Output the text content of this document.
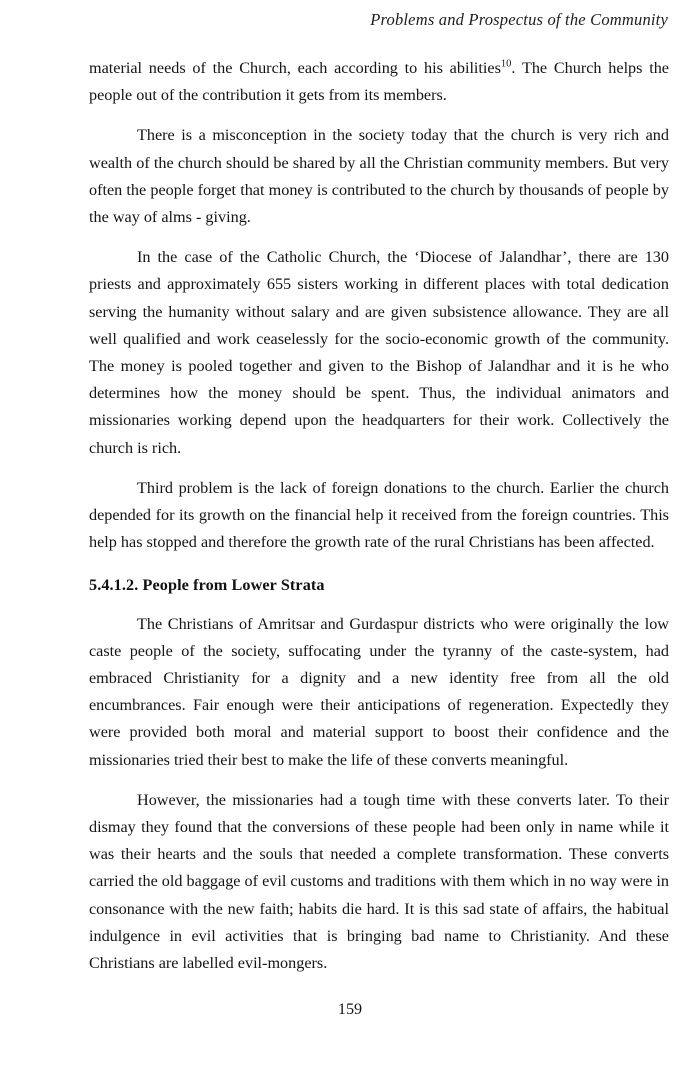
Problems and Prospectus of the Community

material needs of the Church, each according to his abilities$^{10}$. The Church helps the people out of the contribution it gets from its members.

There is a misconception in the society today that the church is very rich and wealth of the church should be shared by all the Christian community members. But very often the people forget that money is contributed to the church by thousands of people by the way of alms - giving.

In the case of the Catholic Church, the ‘Diocese of Jalandhar’, there are 130 priests and approximately 655 sisters working in different places with total dedication serving the humanity without salary and are given subsistence allowance. They are all well qualified and work ceaselessly for the socio-economic growth of the community. The money is pooled together and given to the Bishop of Jalandhar and it is he who determines how the money should be spent. Thus, the individual animators and missionaries working depend upon the headquarters for their work. Collectively the church is rich.

Third problem is the lack of foreign donations to the church. Earlier the church depended for its growth on the financial help it received from the foreign countries. This help has stopped and therefore the growth rate of the rural Christians has been affected.

5.4.1.2. People from Lower Strata

The Christians of Amritsar and Gurdaspur districts who were originally the low caste people of the society, suffocating under the tyranny of the caste-system, had embraced Christianity for a dignity and a new identity free from all the old encumbrances. Fair enough were their anticipations of regeneration. Expectedly they were provided both moral and material support to boost their confidence and the missionaries tried their best to make the life of these converts meaningful.

However, the missionaries had a tough time with these converts later. To their dismay they found that the conversions of these people had been only in name while it was their hearts and the souls that needed a complete transformation. These converts carried the old baggage of evil customs and traditions with them which in no way were in consonance with the new faith; habits die hard. It is this sad state of affairs, the habitual indulgence in evil activities that is bringing bad name to Christianity. And these Christians are labelled evil-mongers.

159
